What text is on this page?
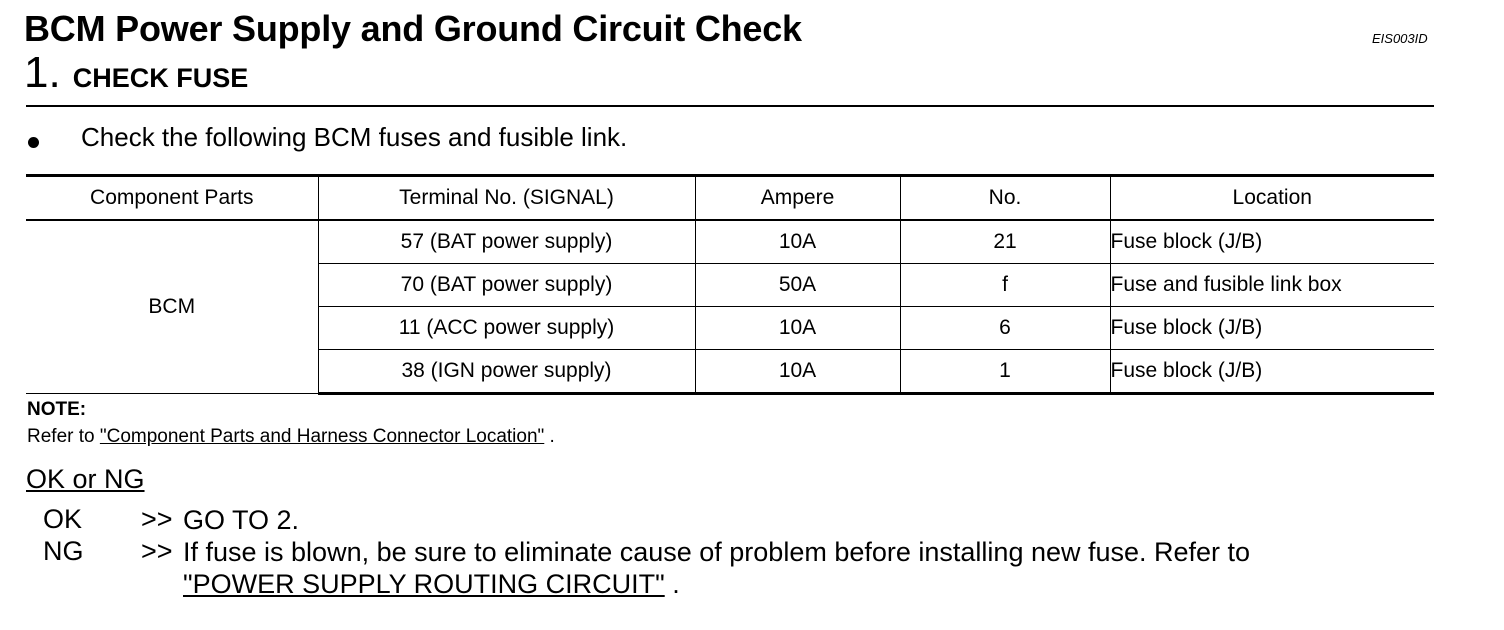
BCM Power Supply and Ground Circuit Check	EIS003ID
1. CHECK FUSE
Check the following BCM fuses and fusible link.
Component Parts	Terminal No. (SIGNAL)	Ampere	No.	Location
BCM	57 (BAT power supply)	10A	21	Fuse block (J/B)
	70 (BAT power supply)	50A	f	Fuse and fusible link box
	11 (ACC power supply)	10A	6	Fuse block (J/B)
	38 (IGN power supply)	10A	1	Fuse block (J/B)
NOTE:
Refer to "Component Parts and Harness Connector Location" .
OK or NG
OK >> GO TO 2.
NG >> If fuse is blown, be sure to eliminate cause of problem before installing new fuse. Refer to
"POWER SUPPLY ROUTING CIRCUIT" .
